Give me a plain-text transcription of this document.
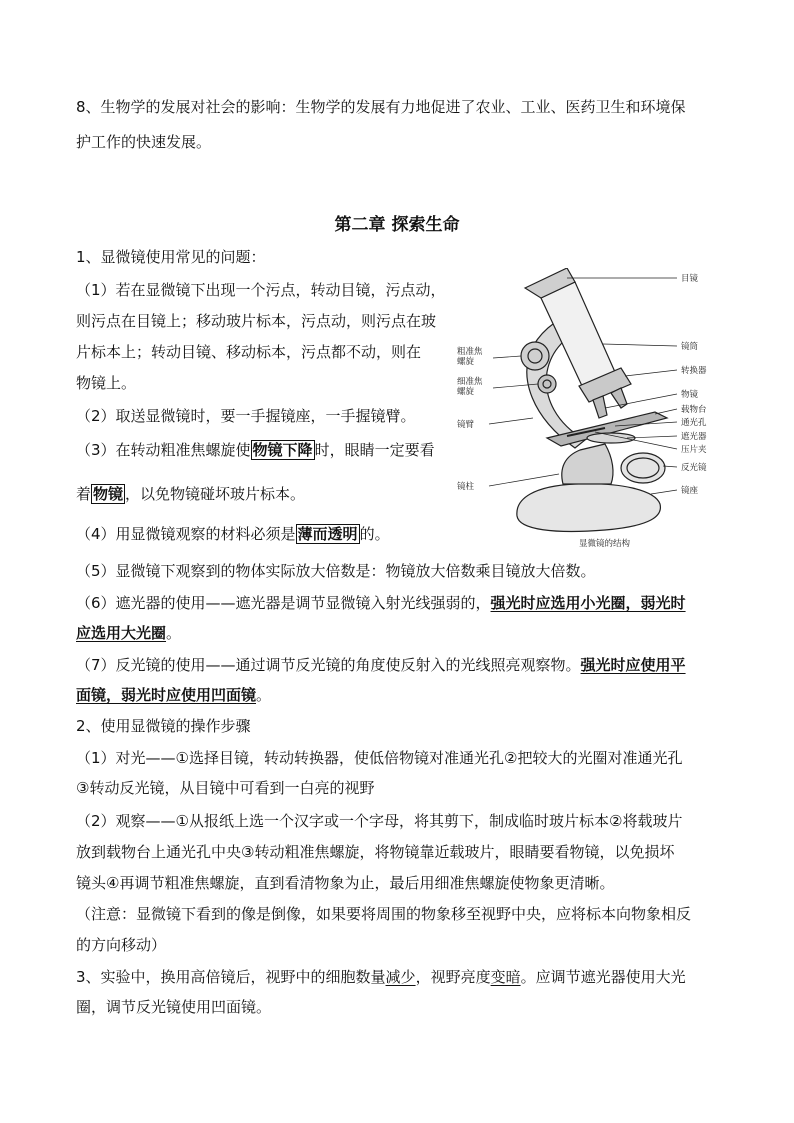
8、生物学的发展对社会的影响：生物学的发展有力地促进了农业、工业、医药卫生和环境保
护工作的快速发展。
第二章 探索生命
1、显微镜使用常见的问题：
（1）若在显微镜下出现一个污点，转动目镜，污点动，
则污点在目镜上；移动玻片标本，污点动，则污点在玻
片标本上；转动目镜、移动标本，污点都不动，则在
物镜上。
（2）取送显微镜时，要一手握镜座，一手握镜臂。
（3）在转动粗准焦螺旋使 物镜下降 时，眼睛一定要看
着 物镜 ，以免物镜碰坏玻片标本。
（4）用显微镜观察的材料必须是 薄而透明 的。
（5）显微镜下观察到的物体实际放大倍数是：物镜放大倍数乘目镜放大倍数。
（6）遮光器的使用——遮光器是调节显微镜入射光线强弱的，强光时应选用小光圈，弱光时
应选用大光圈。
（7）反光镜的使用——通过调节反光镜的角度使反射入的光线照亮观察物。强光时应使用平
面镜，弱光时应使用凹面镜。
2、使用显微镜的操作步骤
（1）对光——①选择目镜，转动转换器，使低倍物镜对准通光孔②把较大的光圈对准通光孔
③转动反光镜，从目镜中可看到一白亮的视野
（2）观察——①从报纸上选一个汉字或一个字母，将其剪下，制成临时玻片标本②将载玻片
放到载物台上通光孔中央③转动粗准焦螺旋，将物镜靠近载玻片，眼睛要看物镜，以免损坏
镜头④再调节粗准焦螺旋，直到看清物象为止，最后用细准焦螺旋使物象更清晰。
（注意：显微镜下看到的像是倒像，如果要将周围的物象移至视野中央，应将标本向物象相反
的方向移动）
3、实验中，换用高倍镜后，视野中的细胞数量减少，视野亮度变暗。应调节遮光器使用大光
圈，调节反光镜使用凹面镜。
目镜
镜筒
转换器
物镜
载物台
通光孔
遮光器
压片夹
反光镜
镜座
粗准焦
螺旋
细准焦
螺旋
镜臂
镜柱
显微镜的结构
